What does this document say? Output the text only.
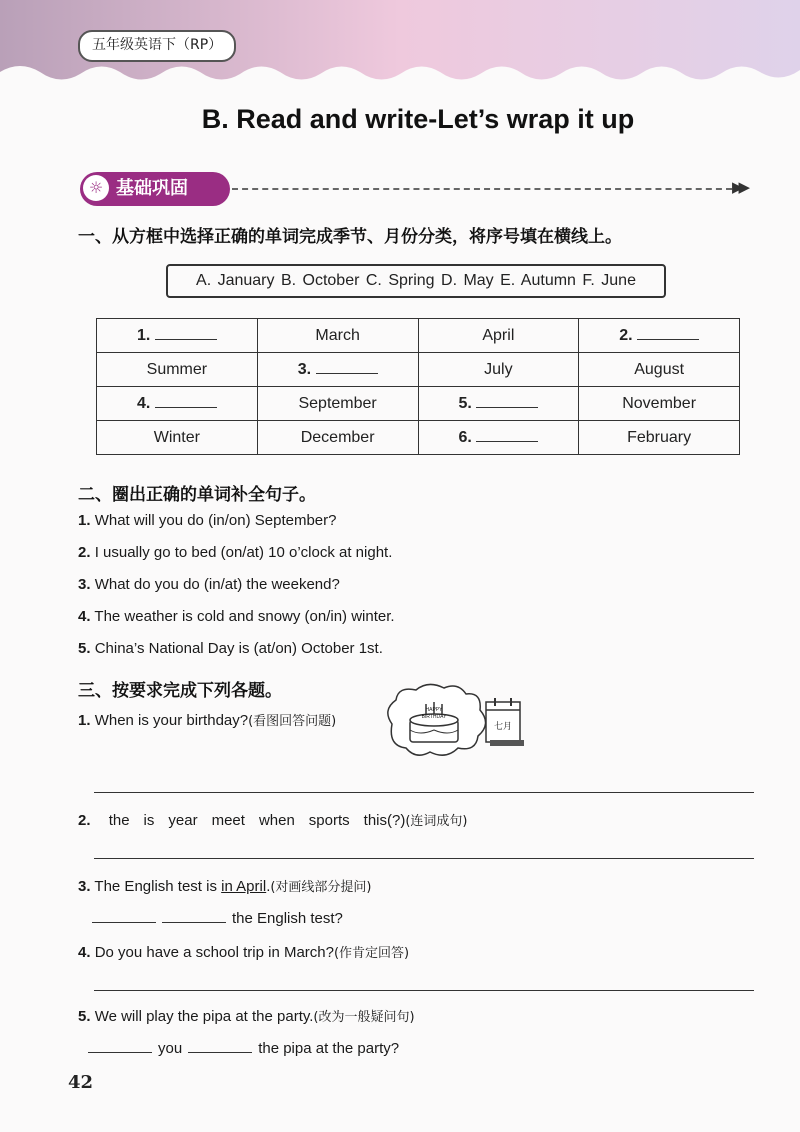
五年级英语下（RP）
B. Read and write-Let’s wrap it up
☼ 基础巩固	▶▶
一、从方框中选择正确的单词完成季节、月份分类，将序号填在横线上。
A. January B. October C. Spring D. May E. Autumn F. June
1.	March	April	2.
Summer	3.	July	August
4.	September	5.	November
Winter	December	6.	February
二、圈出正确的单词补全句子。
1. What will you do (in/on) September?
2. I usually go to bed (on/at) 10 o’clock at night.
3. What do you do (in/at) the weekend?
4. The weather is cold and snowy (on/in) winter.
5. China’s National Day is (at/on) October 1st.
三、按要求完成下列各题。
1. When is your birthday?(看图回答问题)
HAPPY
BIRTHDAY
七月
2. the is year meet when sports this(?)(连词成句)
3. The English test is in April.(对画线部分提问)
the English test?
4. Do you have a school trip in March?(作肯定回答)
5. We will play the pipa at the party.(改为一般疑问句)
you	the pipa at the party?
42
